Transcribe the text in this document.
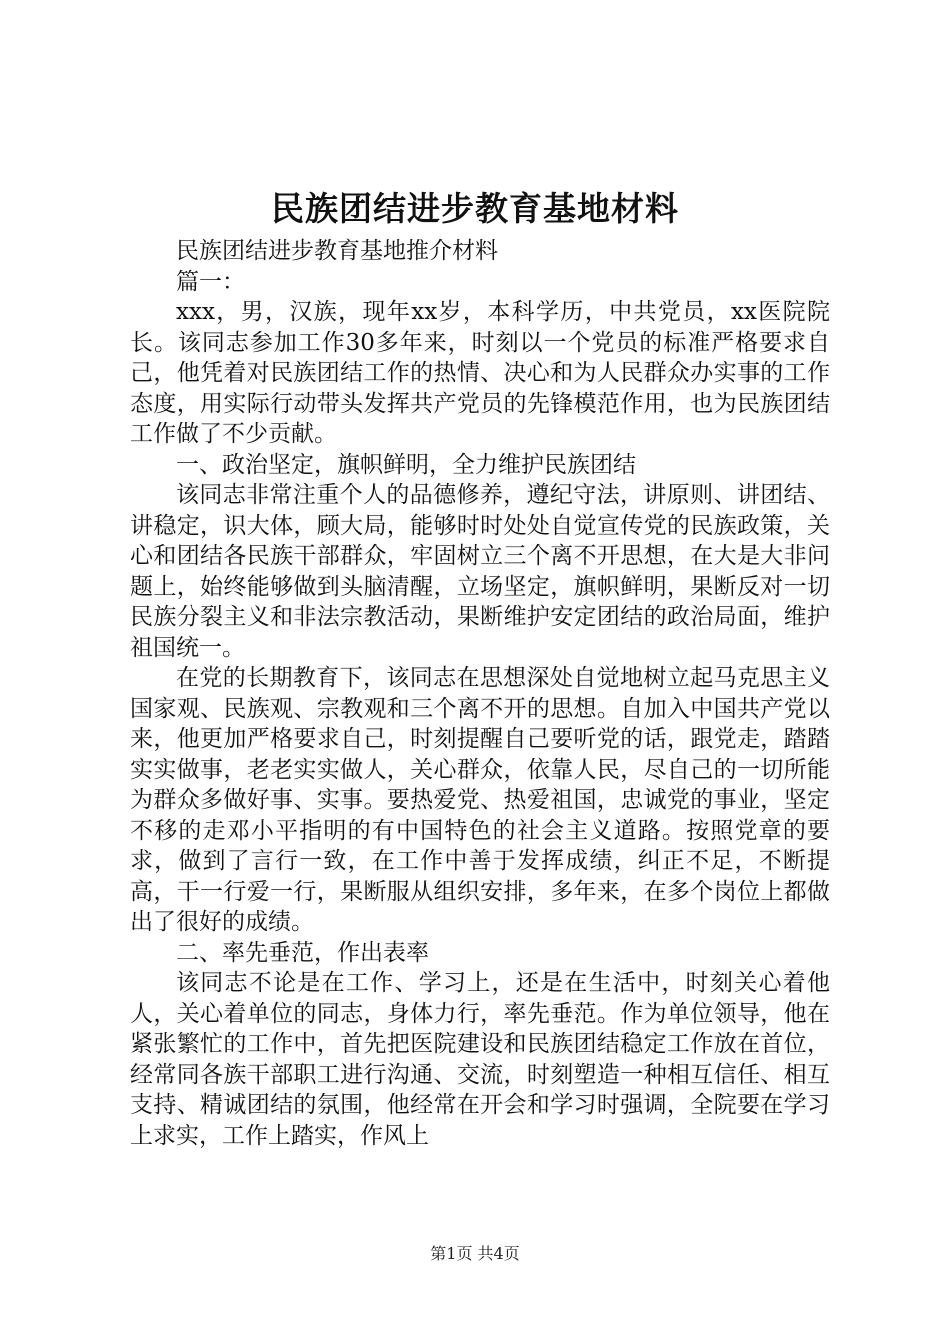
民族团结进步教育基地材料

民族团结进步教育基地推介材料

篇一：

xxx，男，汉族，现年xx岁，本科学历，中共党员，xx医院院长。该同志参加工作30多年来，时刻以一个党员的标准严格要求自己，他凭着对民族团结工作的热情、决心和为人民群众办实事的工作态度，用实际行动带头发挥共产党员的先锋模范作用，也为民族团结工作做了不少贡献。

一、政治坚定，旗帜鲜明，全力维护民族团结

该同志非常注重个人的品德修养，遵纪守法，讲原则、讲团结、讲稳定，识大体，顾大局，能够时时处处自觉宣传党的民族政策，关心和团结各民族干部群众，牢固树立三个离不开思想，在大是大非问题上，始终能够做到头脑清醒，立场坚定，旗帜鲜明，果断反对一切民族分裂主义和非法宗教活动，果断维护安定团结的政治局面，维护祖国统一。

在党的长期教育下，该同志在思想深处自觉地树立起马克思主义国家观、民族观、宗教观和三个离不开的思想。自加入中国共产党以来，他更加严格要求自己，时刻提醒自己要听党的话，跟党走，踏踏实实做事，老老实实做人，关心群众，依靠人民，尽自己的一切所能为群众多做好事、实事。要热爱党、热爱祖国，忠诚党的事业，坚定不移的走邓小平指明的有中国特色的社会主义道路。按照党章的要求，做到了言行一致，在工作中善于发挥成绩，纠正不足，不断提高，干一行爱一行，果断服从组织安排，多年来，在多个岗位上都做出了很好的成绩。

二、率先垂范，作出表率

该同志不论是在工作、学习上，还是在生活中，时刻关心着他人，关心着单位的同志，身体力行，率先垂范。作为单位领导，他在紧张繁忙的工作中，首先把医院建设和民族团结稳定工作放在首位，经常同各族干部职工进行沟通、交流，时刻塑造一种相互信任、相互支持、精诚团结的氛围，他经常在开会和学习时强调，全院要在学习上求实，工作上踏实，作风上

第1页 共4页
